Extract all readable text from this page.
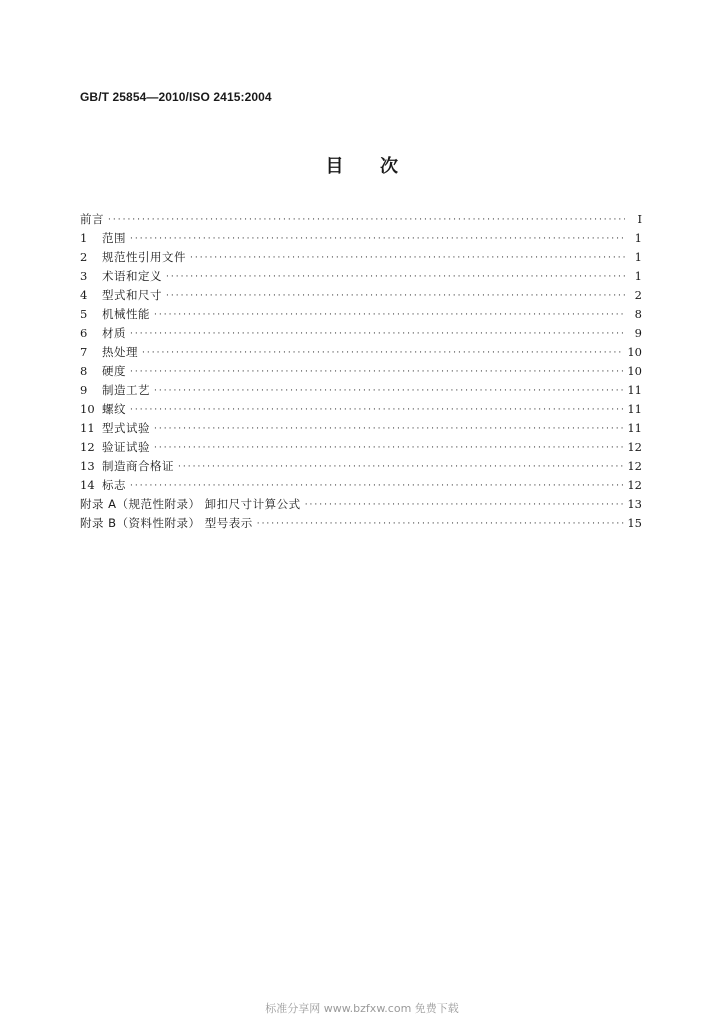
GB/T 25854—2010/ISO 2415:2004
目 次
前言 ·····	I
1	范围 ·····	1
2	规范性引用文件 ·····	1
3	术语和定义 ·····	1
4	型式和尺寸 ·····	2
5	机械性能 ·····	8
6	材质 ·····	9
7	热处理 ·····	10
8	硬度 ·····	10
9	制造工艺 ·····	11
10 螺纹 ·····	11
11 型式试验 ·····	11
12 验证试验 ·····	12
13 制造商合格证 ·····	12
14 标志 ·····	12
附录 A（规范性附录） 卸扣尺寸计算公式 ·····	13
附录 B（资料性附录） 型号表示 ·····	15
标准分享网 www.bzfxw.com 免费下载
